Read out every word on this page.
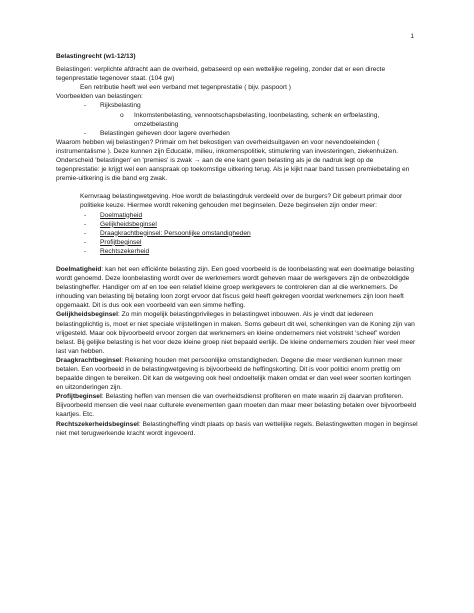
1

Belastingrecht (w1-12/13)

Belastingen: verplichte afdracht aan de overheid, gebaseerd op een wettelijke regeling, zonder dat er een directe tegenprestatie tegenover staat. (104 gw)

Een retributie heeft wel een verband met tegenprestatie ( bijv. paspoort )

Voorbeelden van belastingen:

- Rijksbelasting
o Inkomstenbelasting, vennootschapsbelasting, loonbelasting, schenk en erfbelasting, omzetbelasting
- Belastingen geheven door lagere overheden

Waarom hebben wij belastingen? Primair om het bekostigen van overheidsuitgaven en voor nevendoeleinden ( instrumentalisme ). Deze kunnen zijn Educatie, milieu, inkomenspolitiek, stimulering van investeringen, ziekenhuizen.

Onderscheid 'belastingen' en 'premies' is zwak → aan de ene kant geen belasting als je de nadruk legt op de tegenprestatie: je krijgt wel een aanspraak op toekomstige uitkering terug. Als je kijkt naar band tussen premiebetaling en premie-uitkering is die band erg zwak.

Kernvraag belastingwetgeving. Hoe wordt de belastingdruk verdeeld over de burgers? Dit gebeurt primair door politieke keuze. Hiermee wordt rekening gehouden met beginselen. Deze beginselen zijn onder meer:

- Doelmatigheid
- Gelijkheidsbeginsel
- Draagkrachtbeginsel: Persoonlijke omstandigheden
- Profijtbeginsel
- Rechtszekerheid

Doelmatigheid: kan het een efficiënte belasting zijn. Een goed voorbeeld is de loonbelasting wat een doelmatige belasting wordt genoemd. Deze loonbelasting wordt over de werknemers wordt geheven maar de werkgevers zijn de onbezoldigde belastingheffer. Handiger om af en toe een relatief kleine groep werkgevers te controleren dan al die werknemers. De inhouding van belasting bij betaling loon zorgt ervoor dat fiscus geld heeft gekregen voordat werknemers zijn loon heeft opgemaakt. Dit is dus ook een voorbeeld van een simme heffing.

Gelijkheidsbeginsel: Zo min mogelijk belastingprivileges in belastingwet inbouwen. Als je vindt dat iedereen belastingplichtig is, moet er niet speciale vrijstellingen in maken. Soms gebeurt dit wel, schenkingen van de Koning zijn van vrijgesteld. Maar ook bijvoorbeeld ervoor zorgen dat werknemers en kleine ondernemers niet volstrekt 'scheef' worden belast. Bij gelijke belasting is het voor deze kleine groep niet bepaald eerlijk. De kleine ondernemers zouden hier veel meer last van hebben.

Draagkrachtbeginsel: Rekening houden met persoonlijke omstandigheden. Degene die meer verdienen kunnen meer betalen. Een voorbeeld in de belastingwetgeving is bijvoorbeeld de heffingskorting. Dit is voor politici enorm prettig om bepaalde dingen te bereiken. Dit kan de wetgeving ook heel ondoeltelijk maken omdat er dan veel weer soorten kortingen en uitzonderingen zijn.

Profijtbeginsel: Belasting heffen van mensen die van overheidsdienst profiteren en mate waarin zij daarvan profiteren. Bijvoorbeeld mensen die veel naar culturele evenementen gaan moeten dan maar meer belasting betalen over bijvoorbeeld kaartjes. Etc.

Rechtszekerheidsbeginsel: Belastingheffing vindt plaats op basis van wettelijke regels. Belastingwetten mogen in beginsel niet met terugwerkende kracht wordt ingevoerd.
